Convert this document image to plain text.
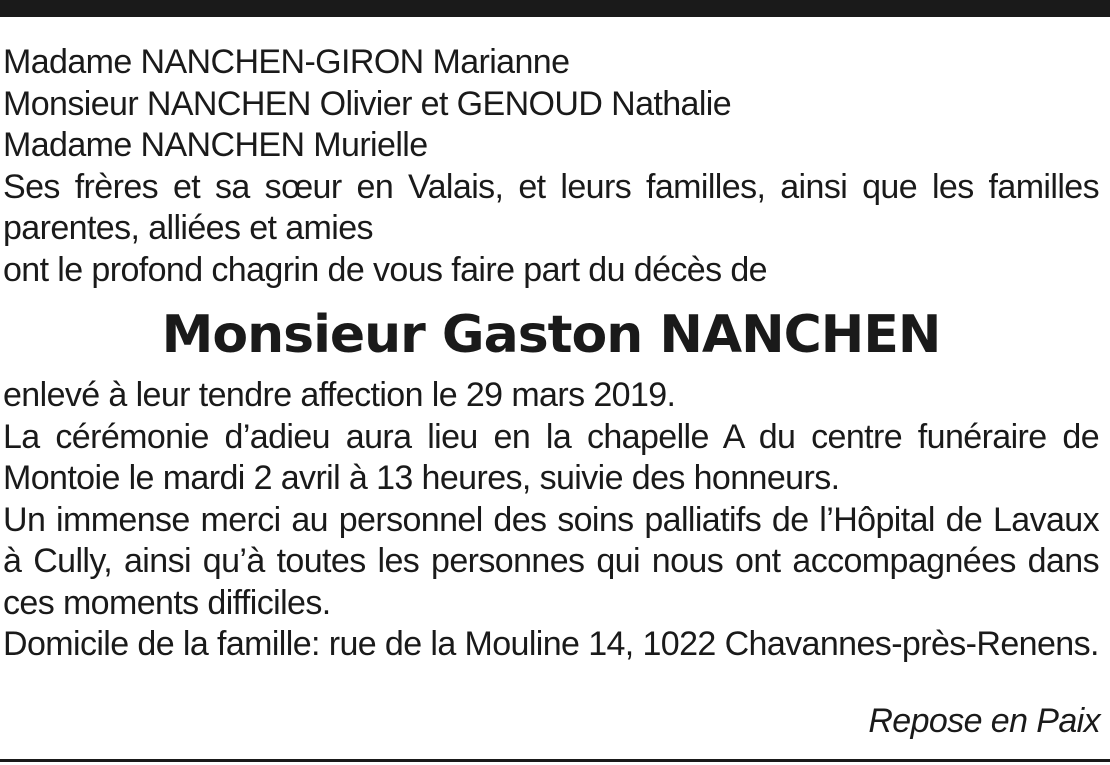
Madame NANCHEN-GIRON Marianne
Monsieur NANCHEN Olivier et GENOUD Nathalie
Madame NANCHEN Murielle
Ses frères et sa sœur en Valais, et leurs familles, ainsi que les familles parentes, alliées et amies
ont le profond chagrin de vous faire part du décès de
Monsieur Gaston NANCHEN
enlevé à leur tendre affection le 29 mars 2019.
La cérémonie d’adieu aura lieu en la chapelle A du centre funéraire de Montoie le mardi 2 avril à 13 heures, suivie des honneurs.
Un immense merci au personnel des soins palliatifs de l’Hôpital de Lavaux à Cully, ainsi qu’à toutes les personnes qui nous ont accompagnées dans ces moments difficiles.
Domicile de la famille: rue de la Mouline 14, 1022 Chavannes-près-Renens.
Repose en Paix
